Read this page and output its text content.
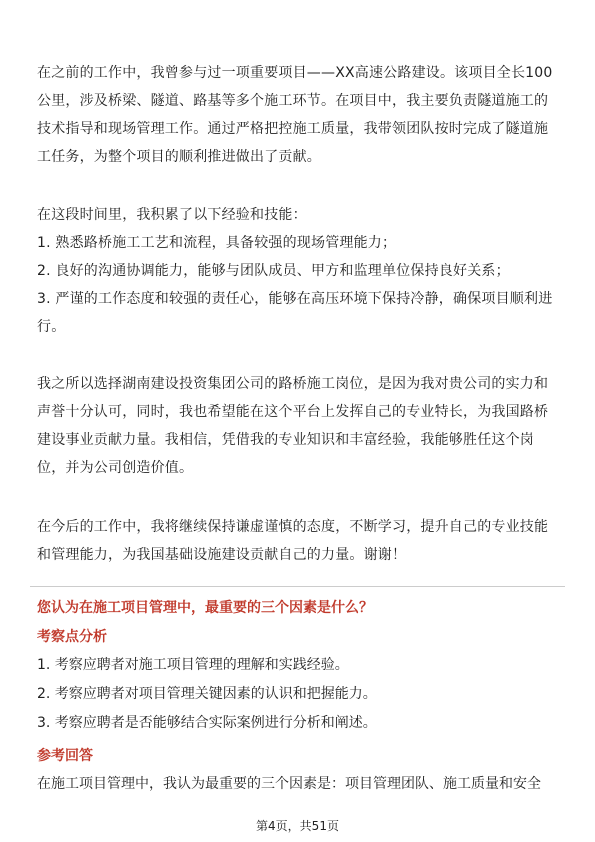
在之前的工作中，我曾参与过一项重要项目——XX高速公路建设。该项目全长100
公里，涉及桥梁、隧道、路基等多个施工环节。在项目中，我主要负责隧道施工的
技术指导和现场管理工作。通过严格把控施工质量，我带领团队按时完成了隧道施
工任务，为整个项目的顺利推进做出了贡献。
在这段时间里，我积累了以下经验和技能：
1. 熟悉路桥施工工艺和流程，具备较强的现场管理能力；
2. 良好的沟通协调能力，能够与团队成员、甲方和监理单位保持良好关系；
3. 严谨的工作态度和较强的责任心，能够在高压环境下保持冷静，确保项目顺利进
行。
我之所以选择湖南建设投资集团公司的路桥施工岗位，是因为我对贵公司的实力和
声誉十分认可，同时，我也希望能在这个平台上发挥自己的专业特长，为我国路桥
建设事业贡献力量。我相信，凭借我的专业知识和丰富经验，我能够胜任这个岗
位，并为公司创造价值。
在今后的工作中，我将继续保持谦虚谨慎的态度，不断学习，提升自己的专业技能
和管理能力，为我国基础设施建设贡献自己的力量。谢谢！
您认为在施工项目管理中，最重要的三个因素是什么？
考察点分析
1. 考察应聘者对施工项目管理的理解和实践经验。
2. 考察应聘者对项目管理关键因素的认识和把握能力。
3. 考察应聘者是否能够结合实际案例进行分析和阐述。
参考回答
在施工项目管理中，我认为最重要的三个因素是：项目管理团队、施工质量和安全
第4页，共51页
